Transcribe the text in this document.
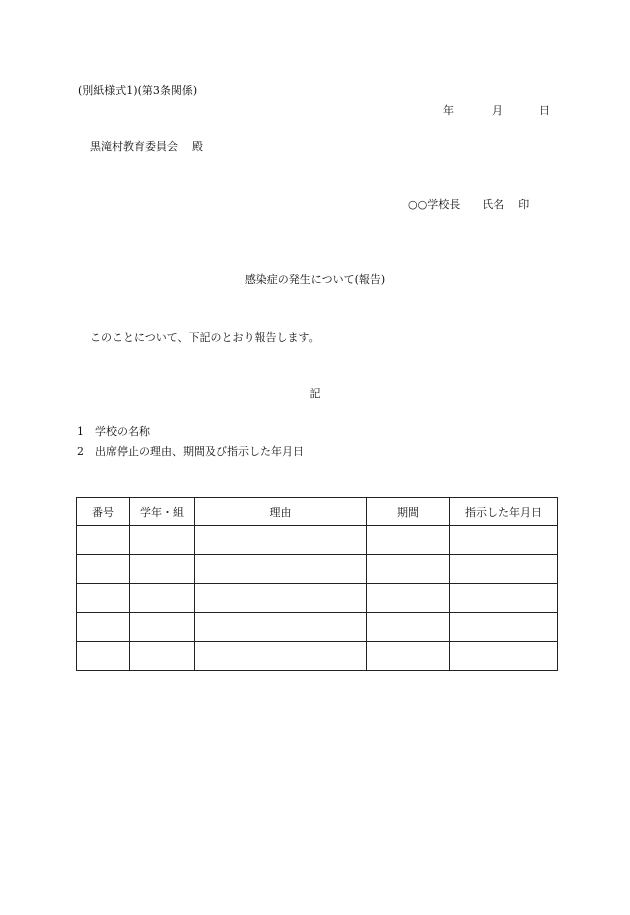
(別紙様式1)(第3条関係)
年	月	日
黒滝村教育委員会 殿
○○学校長 氏名 印
感染症の発生について(報告)
このことについて、下記のとおり報告します。
記
1 学校の名称
2 出席停止の理由、期間及び指示した年月日
番号	学年・組	理由	期間	指示した年月日
